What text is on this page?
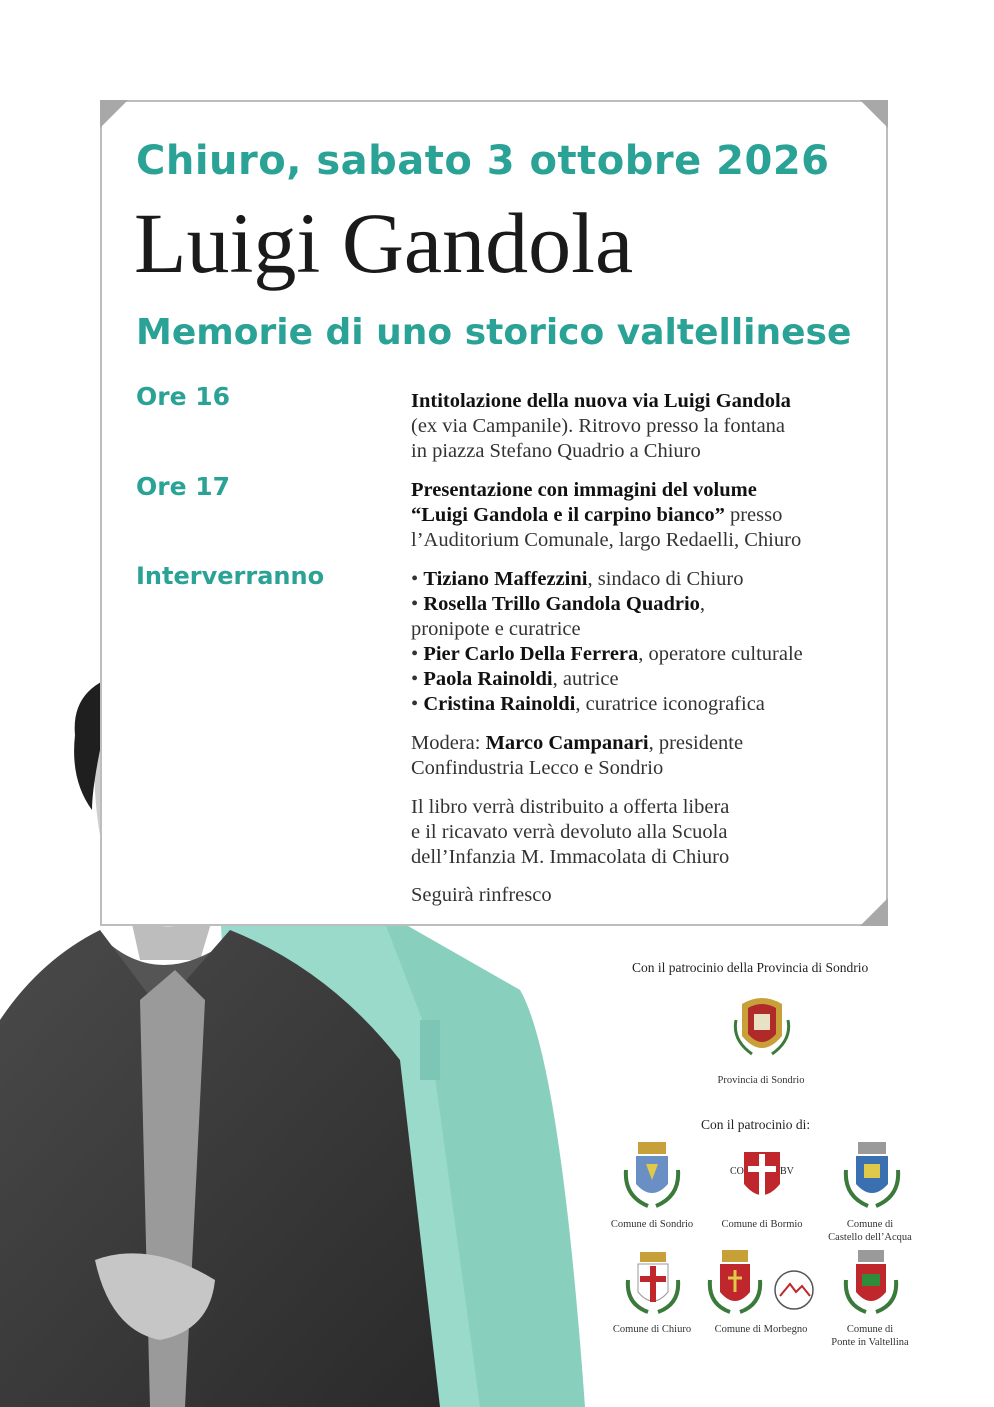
Chiuro, sabato 3 ottobre 2026
Luigi Gandola
Memorie di uno storico valtellinese
Ore 16	Intitolazione della nuova via Luigi Gandola
(ex via Campanile). Ritrovo presso la fontana
in piazza Stefano Quadrio a Chiuro
Ore 17	Presentazione con immagini del volume
“Luigi Gandola e il carpino bianco” presso
l’Auditorium Comunale, largo Redaelli, Chiuro
Interverranno	• Tiziano Maffezzini, sindaco di Chiuro
• Rosella Trillo Gandola Quadrio,
pronipote e curatrice
• Pier Carlo Della Ferrera, operatore culturale
• Paola Rainoldi, autrice
• Cristina Rainoldi, curatrice iconografica
Modera: Marco Campanari, presidente
Confindustria Lecco e Sondrio
Il libro verrà distribuito a offerta libera
e il ricavato verrà devoluto alla Scuola
dell’Infanzia M. Immacolata di Chiuro
Seguirà rinfresco
Con il patrocinio della Provincia di Sondrio
Provincia di Sondrio
Con il patrocinio di:
Comune di Sondrio
CO	BV
Comune di Bormio	Comune di
Castello dell’Acqua
Comune di Chiuro	Comune di Morbegno	Comune di
Ponte in Valtellina
